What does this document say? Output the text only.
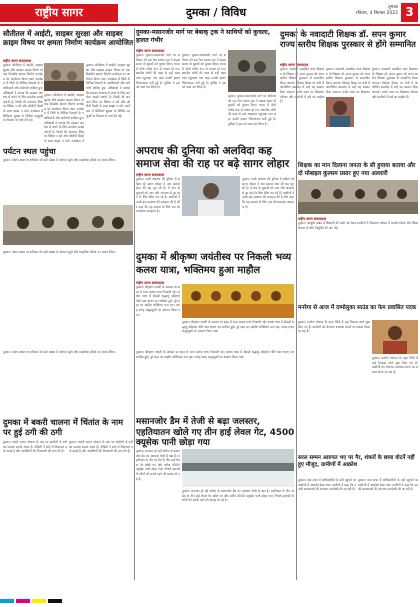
राष्ट्रीय सागर	दुमका / विविध	दुमका
रविवार, 4 सितंबर 2022 3
सौतीतल में आईटी, साइबर सुरक्षा और साइबर क्राइम विषय पर क्षमता निर्माण कार्यक्रम आयोजित
राष्ट्रीय सागर संवाददाता
दुमका। सौतीतल में आईटी, साइबर सुरक्षा और साइबर क्राइम विषय पर एक दिवसीय क्षमता निर्माण कार्यक्रम का आयोजन किया गया। कार्यक्रम में जिले के विभिन्न विभागों के पदाधिकारी और कर्मचारी शामिल हुए। प्रशिक्षकों ने बताया कि साइबर अपराध से बचने के लिए सतर्कता सबसे जरूरी है। किसी भी अनजान लिंक पर क्लिक न करें और ओटीपी किसी के साथ साझा न करें। कार्यक्रम में डिजिटल सुरक्षा के विभिन्न पहलुओं पर विस्तार से चर्चा की गई।
दुमका। सौतीतल में आईटी, साइबर सुरक्षा और साइबर क्राइम विषय पर एक दिवसीय क्षमता निर्माण कार्यक्रम का आयोजन किया गया। कार्यक्रम में जिले के विभिन्न विभागों के पदाधिकारी और कर्मचारी शामिल हुए। प्रशिक्षकों ने बताया कि साइबर अपराध से बचने के लिए सतर्कता सबसे जरूरी है। किसी भी अनजान लिंक पर क्लिक न करें और ओटीपी किसी के साथ साझा न करें। कार्यक्रम में
दुमका। सौतीतल में आईटी, साइबर सुरक्षा और साइबर क्राइम विषय पर एक दिवसीय क्षमता निर्माण कार्यक्रम का आयोजन किया गया। कार्यक्रम में जिले के विभिन्न विभागों के पदाधिकारी और कर्मचारी शामिल हुए। प्रशिक्षकों ने बताया कि साइबर अपराध से बचने के लिए सतर्कता सबसे जरूरी है। किसी भी अनजान लिंक पर क्लिक न करें और ओटीपी किसी के साथ साझा न करें। कार्यक्रम में डिजिटल सुरक्षा के विभिन्न पहलुओं पर विस्तार से चर्चा की गई।
दुमका-मसानजोर मार्ग पर बेबाक् ट्रक ने साथियों को कुचला, हालत गंभीर
राष्ट्रीय सागर संवाददाता
दुमका। दुमका-मसानजोर मार्ग पर शनिवार को एक तेज रफ्तार ट्रक ने बाइक सवार दो युवकों को कुचल दिया। घटना में दोनों गंभीर रूप से घायल हो गए। स्थानीय लोगों की मदद से उन्हें अस्पताल पहुंचाया गया जहां उनकी हालत चिंताजनक बनी हुई है। पुलिस ने ट्रक को जब्त कर लिया है।
दुमका। दुमका-मसानजोर मार्ग पर शनिवार को एक तेज रफ्तार ट्रक ने बाइक सवार दो युवकों को कुचल दिया। घटना में दोनों गंभीर रूप से घायल हो गए। स्थानीय लोगों की मदद से उन्हें अस्पताल पहुंचाया गया जहां उनकी हालत चिंताजनक बनी हुई है। पुलिस ने ट्रक को जब्त कर लिया है।
दुमका। दुमका-मसानजोर मार्ग पर शनिवार को एक तेज रफ्तार ट्रक ने बाइक सवार दो युवकों को कुचल दिया। घटना में दोनों गंभीर रूप से घायल हो गए। स्थानीय लोगों की मदद से उन्हें अस्पताल पहुंचाया गया जहां उनकी हालत चिंताजनक बनी हुई है। पुलिस ने ट्रक को जब्त कर लिया है।
दुमका के नवादाटी शिक्षक डॉ. सपन कुमार राज्य स्तरीय शिक्षक पुरस्कार से होंगे सम्मानित
राष्ट्रीय सागर संवाददाता
दुमका। नवादाटी उत्क्रमित मध्य विद्यालय के शिक्षक डॉ. सपन कुमार को राज्य स्तरीय शिक्षक पुरस्कार से सम्मानित किया जाएगा। शिक्षक दिवस पर रांची में आयोजित समारोह में उन्हें यह सम्मान दिया जाएगा। उनके चयन पर विद्यालय परिवार और ग्रामीणों में हर्ष का माहौल है।
दुमका। नवादाटी उत्क्रमित मध्य विद्यालय के शिक्षक डॉ. सपन कुमार को राज्य स्तरीय शिक्षक पुरस्कार से सम्मानित किया जाएगा। शिक्षक दिवस पर रांची में आयोजित समारोह में उन्हें यह सम्मान दिया जाएगा। उनके चयन पर विद्यालय
दुमका। नवादाटी उत्क्रमित मध्य विद्यालय के शिक्षक डॉ. सपन कुमार को राज्य स्तरीय शिक्षक पुरस्कार से सम्मानित किया जाएगा। शिक्षक दिवस पर रांची में आयोजित समारोह में उन्हें यह सम्मान दिया जाएगा। उनके चयन पर विद्यालय परिवार और ग्रामीणों में हर्ष का माहौल है।
पर्यटन स्थल पहुंचा
दुमका। पर्यटन स्थल पर शनिवार को बड़ी संख्या में पर्यटक पहुंचे और प्राकृतिक सौंदर्य का आनंद लिया।
अपराध की दुनिया को अलविदा कह समाज सेवा की राह पर बढ़े सागर लोहार
राष्ट्रीय सागर संवाददाता
दुमका। कभी अपराध की दुनिया में सक्रिय रहे सागर लोहार ने अब समाज सेवा की राह चुन ली है। वे गांव के युवाओं को नशा और अपराध से दूर रहने के लिए प्रेरित कर रहे हैं। ग्रामीणों ने उनके इस बदलाव की सराहना की है और कहा कि यह समाज के लिए एक प्रेरणादायक उदाहरण है।
दुमका। कभी अपराध की दुनिया में सक्रिय रहे सागर लोहार ने अब समाज सेवा की राह चुन ली है। वे गांव के युवाओं को नशा और अपराध से दूर रहने के लिए प्रेरित कर रहे हैं। ग्रामीणों ने उनके इस बदलाव की सराहना की है और कहा कि यह समाज के लिए एक प्रेरणादायक उदाहरण है।
शिक्षक का मान दिलाना जनता के सी हुयाया बताया और दो मोबाइल कुल्सम प्रसार हुए नया अल्लारी
राष्ट्रीय सागर संवाददाता
दुमका। जरमुंडी प्रखंड में शिक्षकों की कमी को लेकर ग्रामीणों ने विद्यालय परिसर में प्रदर्शन किया और शिक्षा विभाग से शीघ्र नियुक्ति की मांग की।
दुमका। पर्यटन स्थल पर शनिवार को बड़ी संख्या में पर्यटक पहुंचे और प्राकृतिक सौंदर्य का आनंद लिया।	दुमका में श्रीकृष्ण जयंतीस्व पर निकली भव्य कलश यात्रा, भक्तिमय हुआ माहौल
राष्ट्रीय सागर संवाददाता
दुमका। श्रीकृष्ण जयंती के अवसर पर शहर में भव्य कलश यात्रा निकाली गई। कलश यात्रा में सैकड़ों श्रद्धालु महिलाएं पीले वस्त्र धारण कर शामिल हुईं। पूरे शहर का माहौल भक्तिमय बना रहा। जगह-जगह श्रद्धालुओं का स्वागत किया गया।
दुमका। श्रीकृष्ण जयंती के अवसर पर शहर में भव्य कलश यात्रा निकाली गई। कलश यात्रा में सैकड़ों श्रद्धालु महिलाएं पीले वस्त्र धारण कर शामिल हुईं। पूरे शहर का माहौल भक्तिमय बना रहा। जगह-जगह श्रद्धालुओं का स्वागत किया गया।
मनरेगा से आज में दम्मोलुका साउंड का फेम प्रवासित पदक
दुमका। मनरेगा योजना के तहत जिले में कई विकास कार्य शुरू किए गए हैं। ग्रामीणों को रोजगार उपलब्ध कराने का प्रयास किया जा रहा है।
दुमका। मनरेगा योजना के तहत जिले में कई विकास कार्य शुरू किए गए हैं। ग्रामीणों को रोजगार उपलब्ध कराने का प्रयास किया जा रहा है।
दुमका। पर्यटन स्थल पर शनिवार को बड़ी संख्या में पर्यटक पहुंचे और प्राकृतिक सौंदर्य का आनंद लिया।	दुमका। श्रीकृष्ण जयंती के अवसर पर शहर में भव्य कलश यात्रा निकाली गई। कलश यात्रा में सैकड़ों श्रद्धालु महिलाएं पीले वस्त्र धारण कर शामिल हुईं। पूरे शहर का माहौल भक्तिमय बना रहा। जगह-जगह श्रद्धालुओं का स्वागत किया गया।
दुमका में बकरी चालना में चिंतांत के नाम पर हुई ठगी की ठगी
दुमका। बकरी पालन योजना के नाम पर ग्रामीणों से ठगी का मामला सामने आया है। पीड़ितों ने थाने में शिकायत दर्ज कराई है और आरोपियों की गिरफ्तारी की मांग की है।
दुमका। बकरी पालन योजना के नाम पर ग्रामीणों से ठगी का मामला सामने आया है। पीड़ितों ने थाने में शिकायत दर्ज कराई है और आरोपियों की गिरफ्तारी की मांग की है।
मसानजोर डैम में तेजी से बढ़ा जलस्तर, एहतियातन खोले गए तीन हाई लेवल गेट, 4500 क्यूसेक पानी छोड़ा गया
दुमका। लगातार हो रही बारिश से मसानजोर डैम का जलस्तर तेजी से बढ़ा है। एहतियात के तौर पर डैम के तीन हाई लेवल गेट खोले गए और करीब 4500 क्यूसेक पानी छोड़ा गया। निचले इलाकों के लोगों को सतर्क रहने की सलाह दी गई है।
दुमका। लगातार हो रही बारिश से मसानजोर डैम का जलस्तर तेजी से बढ़ा है। एहतियात के तौर पर डैम के तीन हाई लेवल गेट खोले गए और करीब 4500 क्यूसेक पानी छोड़ा गया। निचले इलाकों के लोगों को सतर्क रहने की सलाह दी गई है।
सरल सम्मन आरुपत भए पर गैर, शंकरों के छाया वोटर्ने नहीं हुए मौजूद, ग्रामीणों में आक्रोश
दुमका। ग्राम सभा में अधिकारियों के नहीं पहुंचने पर ग्रामीणों में आक्रोश देखा गया। ग्रामीणों ने कहा कि उनकी समस्याओं की लगातार अनदेखी की जा रही है।
दुमका। ग्राम सभा में अधिकारियों के नहीं पहुंचने पर ग्रामीणों में आक्रोश देखा गया। ग्रामीणों ने कहा कि उनकी समस्याओं की लगातार अनदेखी की जा रही है।
